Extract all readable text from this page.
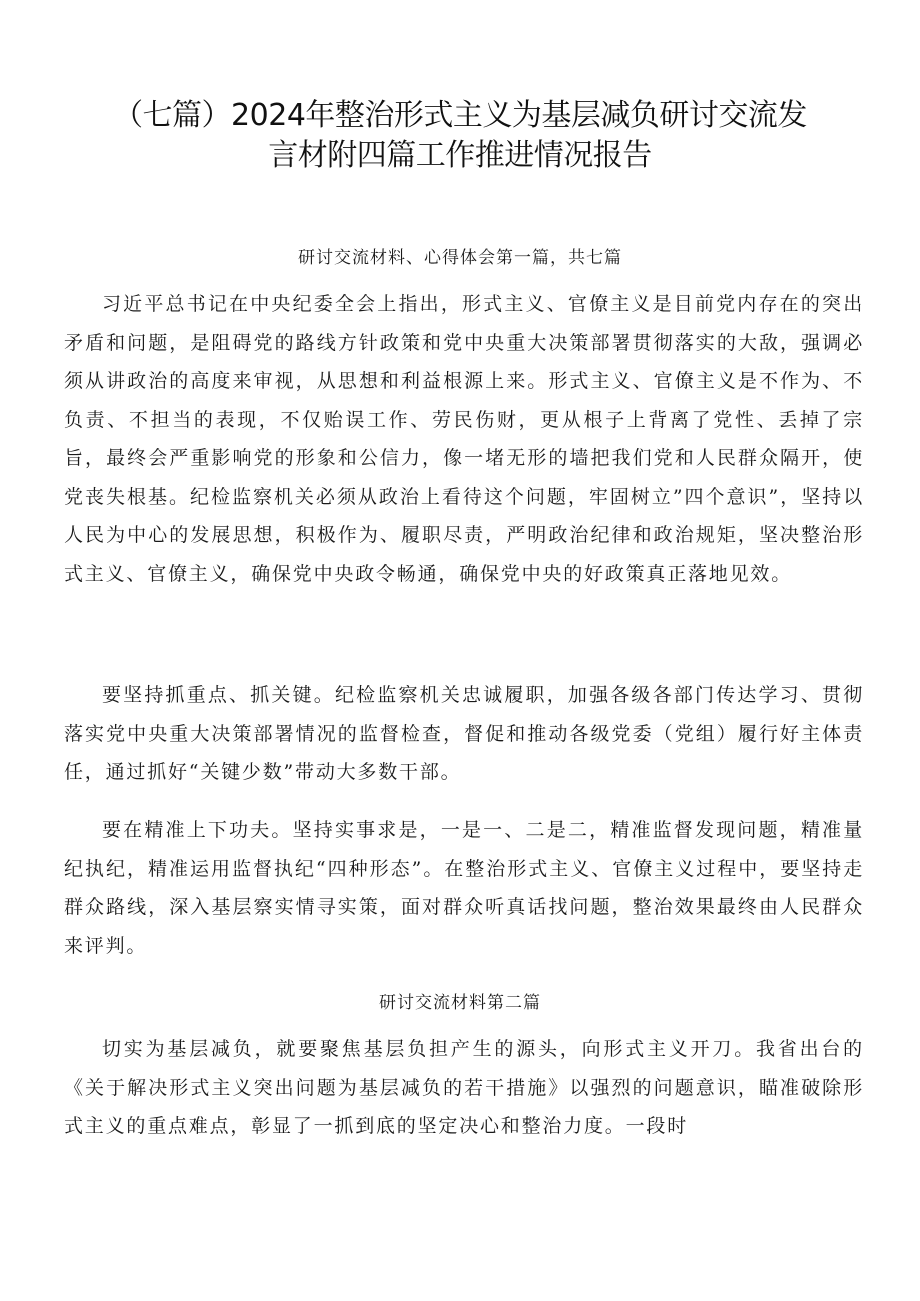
（七篇）2024年整治形式主义为基层减负研讨交流发
言材附四篇工作推进情况报告
研讨交流材料、心得体会第一篇，共七篇

习近平总书记在中央纪委全会上指出，形式主义、官僚主义是目前党内存在的突出矛盾和问题，是阻碍党的路线方针政策和党中央重大决策部署贯彻落实的大敌，强调必须从讲政治的高度来审视，从思想和利益根源上来。形式主义、官僚主义是不作为、不负责、不担当的表现，不仅贻误工作、劳民伤财，更从根子上背离了党性、丢掉了宗旨，最终会严重影响党的形象和公信力，像一堵无形的墙把我们党和人民群众隔开，使党丧失根基。纪检监察机关必须从政治上看待这个问题，牢固树立”四个意识”，坚持以人民为中心的发展思想，积极作为、履职尽责，严明政治纪律和政治规矩，坚决整治形式主义、官僚主义，确保党中央政令畅通，确保党中央的好政策真正落地见效。

要坚持抓重点、抓关键。纪检监察机关忠诚履职，加强各级各部门传达学习、贯彻落实党中央重大决策部署情况的监督检查，督促和推动各级党委（党组）履行好主体责任，通过抓好“关键少数”带动大多数干部。

要在精准上下功夫。坚持实事求是，一是一、二是二，精准监督发现问题，精准量纪执纪，精准运用监督执纪“四种形态”。在整治形式主义、官僚主义过程中，要坚持走群众路线，深入基层察实情寻实策，面对群众听真话找问题，整治效果最终由人民群众来评判。

研讨交流材料第二篇

切实为基层减负，就要聚焦基层负担产生的源头，向形式主义开刀。我省出台的《关于解决形式主义突出问题为基层减负的若干措施》以强烈的问题意识，瞄准破除形式主义的重点难点，彰显了一抓到底的坚定决心和整治力度。一段时
